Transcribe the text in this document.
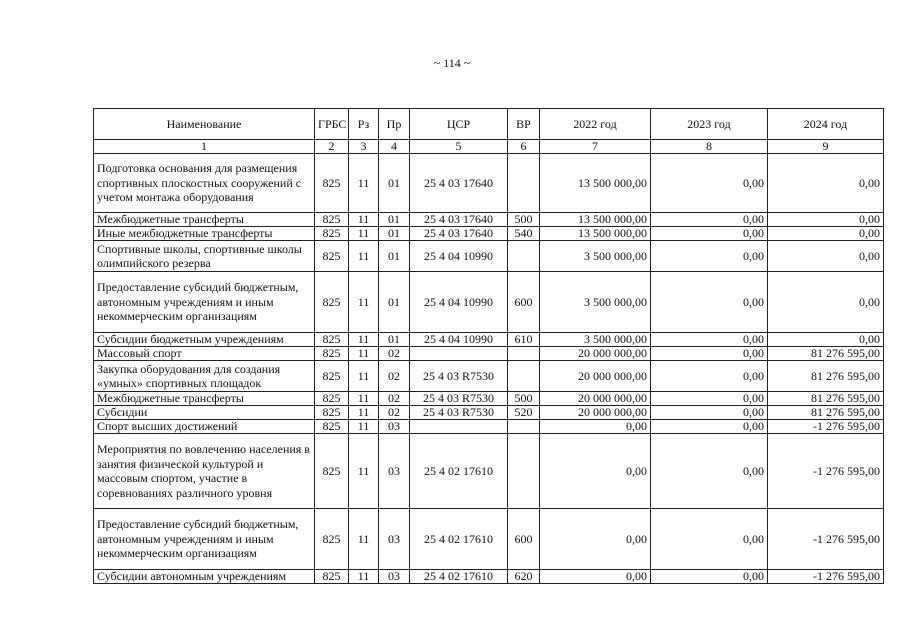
~ 114 ~
Наименование	ГРБС	Рз	Пр	ЦСР	ВР	2022 год	2023 год	2024 год
1	2	3	4	5	6	7	8	9
Подготовка основания для размещения спортивных плоскостных сооружений с учетом монтажа оборудования	825	11	01	25 4 03 17640		13 500 000,00	0,00	0,00
Межбюджетные трансферты	825	11	01	25 4 03 17640	500	13 500 000,00	0,00	0,00
Иные межбюджетные трансферты	825	11	01	25 4 03 17640	540	13 500 000,00	0,00	0,00
Спортивные школы, спортивные школы олимпийского резерва	825	11	01	25 4 04 10990		3 500 000,00	0,00	0,00
Предоставление субсидий бюджетным, автономным учреждениям и иным некоммерческим организациям	825	11	01	25 4 04 10990	600	3 500 000,00	0,00	0,00
Субсидии бюджетным учреждениям	825	11	01	25 4 04 10990	610	3 500 000,00	0,00	0,00
Массовый спорт	825	11	02			20 000 000,00	0,00	81 276 595,00
Закупка оборудования для создания «умных» спортивных площадок	825	11	02	25 4 03 R7530		20 000 000,00	0,00	81 276 595,00
Межбюджетные трансферты	825	11	02	25 4 03 R7530	500	20 000 000,00	0,00	81 276 595,00
Субсидии	825	11	02	25 4 03 R7530	520	20 000 000,00	0,00	81 276 595,00
Спорт высших достижений	825	11	03			0,00	0,00	-1 276 595,00
Мероприятия по вовлечению населения в занятия физической культурой и массовым спортом, участие в соревнованиях различного уровня	825	11	03	25 4 02 17610		0,00	0,00	-1 276 595,00
Предоставление субсидий бюджетным, автономным учреждениям и иным некоммерческим организациям	825	11	03	25 4 02 17610	600	0,00	0,00	-1 276 595,00
Субсидии автономным учреждениям	825	11	03	25 4 02 17610	620	0,00	0,00	-1 276 595,00
